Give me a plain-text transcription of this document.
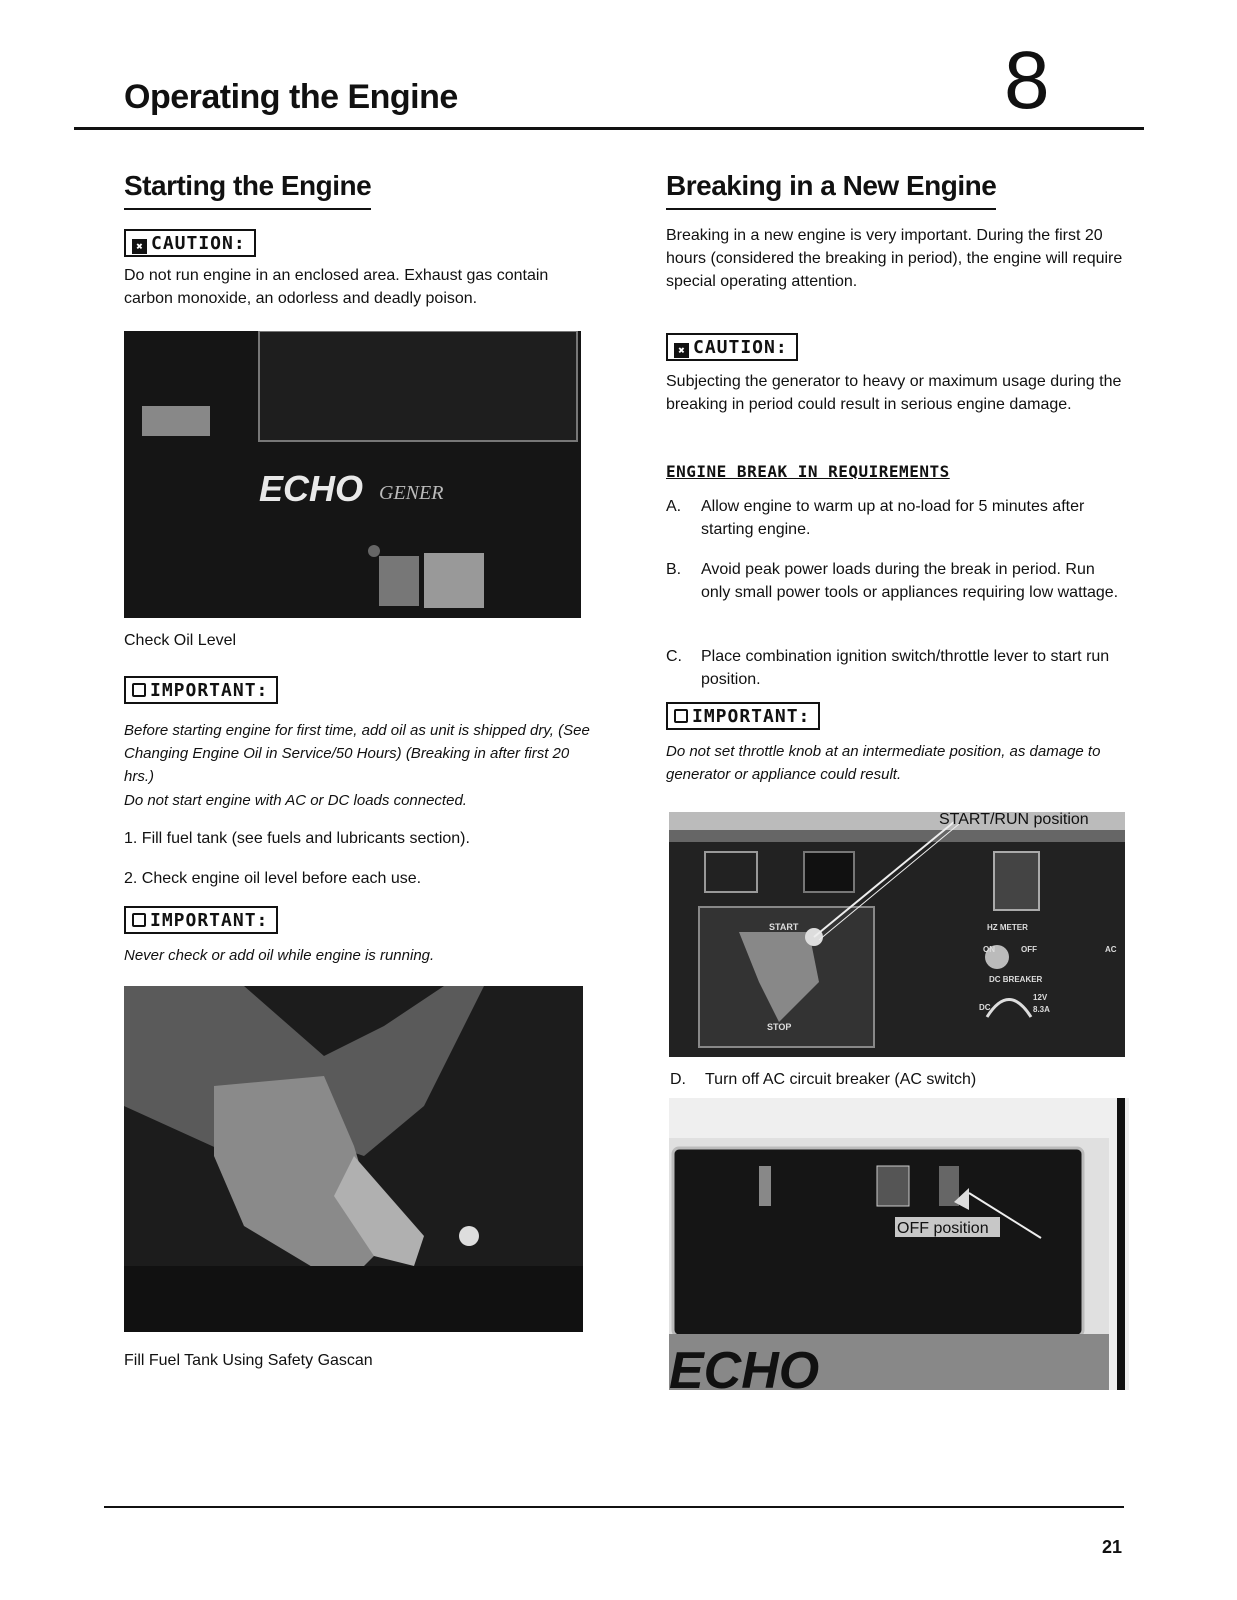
Operating the Engine	8
Starting the Engine
✖ CAUTION:
Do not run engine in an enclosed area. Exhaust gas contain carbon monoxide, an odorless and deadly poison.
ECHO GENER
Check Oil Level
IMPORTANT:
Before starting engine for first time, add oil as unit is shipped dry, (See Changing Engine Oil in Service/50 Hours) (Breaking in after first 20 hrs.)
Do not start engine with AC or DC loads connected.
1. Fill fuel tank (see fuels and lubricants section).
2. Check engine oil level before each use.
IMPORTANT:
Never check or add oil while engine is running.
Fill Fuel Tank Using Safety Gascan
Breaking in a New Engine
Breaking in a new engine is very important. During the first 20 hours (considered the breaking in period), the engine will require special operating attention.
✖ CAUTION:
Subjecting the generator to heavy or maximum usage during the breaking in period could result in serious engine damage.
ENGINE BREAK IN REQUIREMENTS
A.	Allow engine to warm up at no-load for 5 minutes after starting engine.
B.	Avoid peak power loads during the break in period. Run only small power tools or appliances requiring low wattage.
C.	Place combination ignition switch/throttle lever to start run position.
IMPORTANT:
Do not set throttle knob at an intermediate position, as damage to generator or appliance could result.
START/RUN position
START
STOP
HZ METER
ON	OFF
DC BREAKER
DC
12V
8.3A
AC
D.	Turn off AC circuit breaker (AC switch)
ECHO
OFF position
21
